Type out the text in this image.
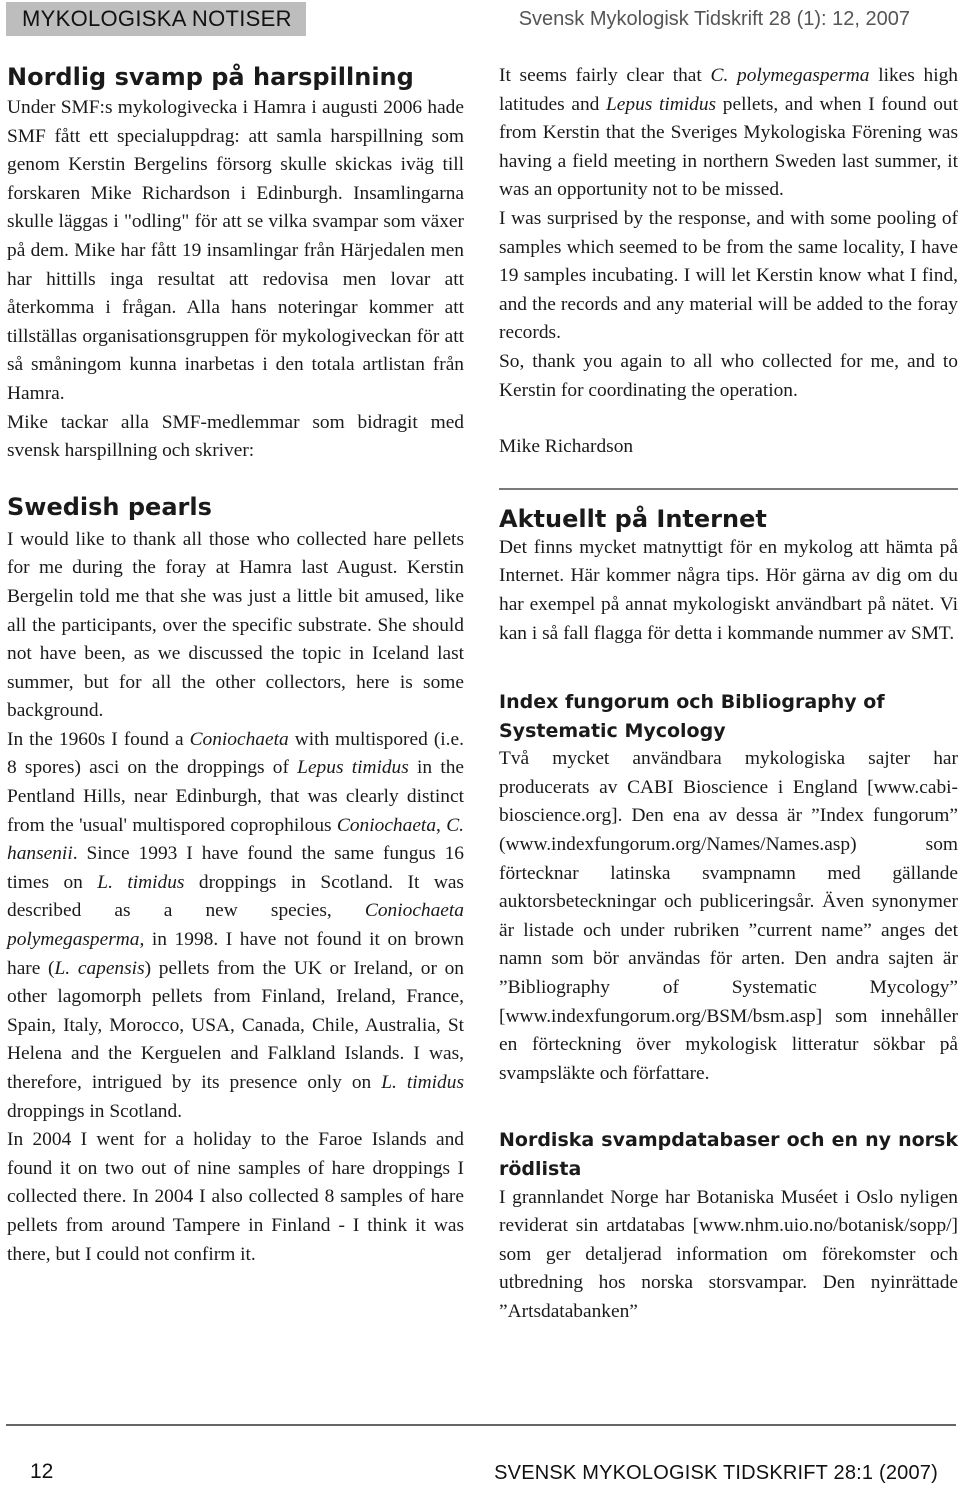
MYKOLOGISKA NOTISER	Svensk Mykologisk Tidskrift 28 (1): 12, 2007
Nordlig svamp på harspillning

Under SMF:s mykologivecka i Hamra i augusti 2006 hade SMF fått ett specialuppdrag: att samla harspillning som genom Kerstin Bergelins försorg skulle skickas iväg till forskaren Mike Richardson i Edinburgh. Insamlingarna skulle läggas i "odling" för att se vilka svampar som växer på dem. Mike har fått 19 insamlingar från Härjedalen men har hittills inga resultat att redovisa men lovar att återkomma i frågan. Alla hans noteringar kommer att tillställas organisationsgruppen för mykologiveckan för att så småningom kunna inarbetas i den totala artlistan från Hamra.

Mike tackar alla SMF-medlemmar som bidragit med svensk harspillning och skriver:

Swedish pearls

I would like to thank all those who collected hare pellets for me during the foray at Hamra last August. Kerstin Bergelin told me that she was just a little bit amused, like all the participants, over the specific substrate. She should not have been, as we discussed the topic in Iceland last summer, but for all the other collectors, here is some background.

In the 1960s I found a Coniochaeta with multispored (i.e. 8 spores) asci on the droppings of Lepus timidus in the Pentland Hills, near Edinburgh, that was clearly distinct from the 'usual' multispored coprophilous Coniochaeta, C. hansenii. Since 1993 I have found the same fungus 16 times on L. timidus droppings in Scotland. It was described as a new species, Coniochaeta polymegasperma, in 1998. I have not found it on brown hare (L. capensis) pellets from the UK or Ireland, or on other lagomorph pellets from Finland, Ireland, France, Spain, Italy, Morocco, USA, Canada, Chile, Australia, St Helena and the Kerguelen and Falkland Islands. I was, therefore, intrigued by its presence only on L. timidus droppings in Scotland.

In 2004 I went for a holiday to the Faroe Islands and found it on two out of nine samples of hare droppings I collected there. In 2004 I also collected 8 samples of hare pellets from around Tampere in Finland - I think it was there, but I could not confirm it.

It seems fairly clear that C. polymegasperma likes high latitudes and Lepus timidus pellets, and when I found out from Kerstin that the Sveriges Mykologiska Förening was having a field meeting in northern Sweden last summer, it was an opportunity not to be missed.

I was surprised by the response, and with some pooling of samples which seemed to be from the same locality, I have 19 samples incubating. I will let Kerstin know what I find, and the records and any material will be added to the foray records.

So, thank you again to all who collected for me, and to Kerstin for coordinating the operation.

Mike Richardson

Aktuellt på Internet

Det finns mycket matnyttigt för en mykolog att hämta på Internet. Här kommer några tips. Hör gärna av dig om du har exempel på annat mykologiskt användbart på nätet. Vi kan i så fall flagga för detta i kommande nummer av SMT.

Index fungorum och Bibliography of Systematic Mycology

Två mycket användbara mykologiska sajter har producerats av CABI Bioscience i England [www.cabi-bioscience.org]. Den ena av dessa är ”Index fungorum” (www.indexfungorum.org/Names/Names.asp) som förtecknar latinska svampnamn med gällande auktorsbeteckningar och publiceringsår. Även synonymer är listade och under rubriken ”current name” anges det namn som bör användas för arten. Den andra sajten är ”Bibliography of Systematic Mycology” [www.indexfungorum.org/BSM/bsm.asp] som innehåller en förteckning över mykologisk litteratur sökbar på svampsläkte och författare.

Nordiska svampdatabaser och en ny norsk rödlista

I grannlandet Norge har Botaniska Muséet i Oslo nyligen reviderat sin artdatabas [www.nhm.uio.no/botanisk/sopp/] som ger detaljerad information om förekomster och utbredning hos norska storsvampar. Den nyinrättade ”Artsdatabanken”

12	SVENSK MYKOLOGISK TIDSKRIFT 28:1 (2007)
